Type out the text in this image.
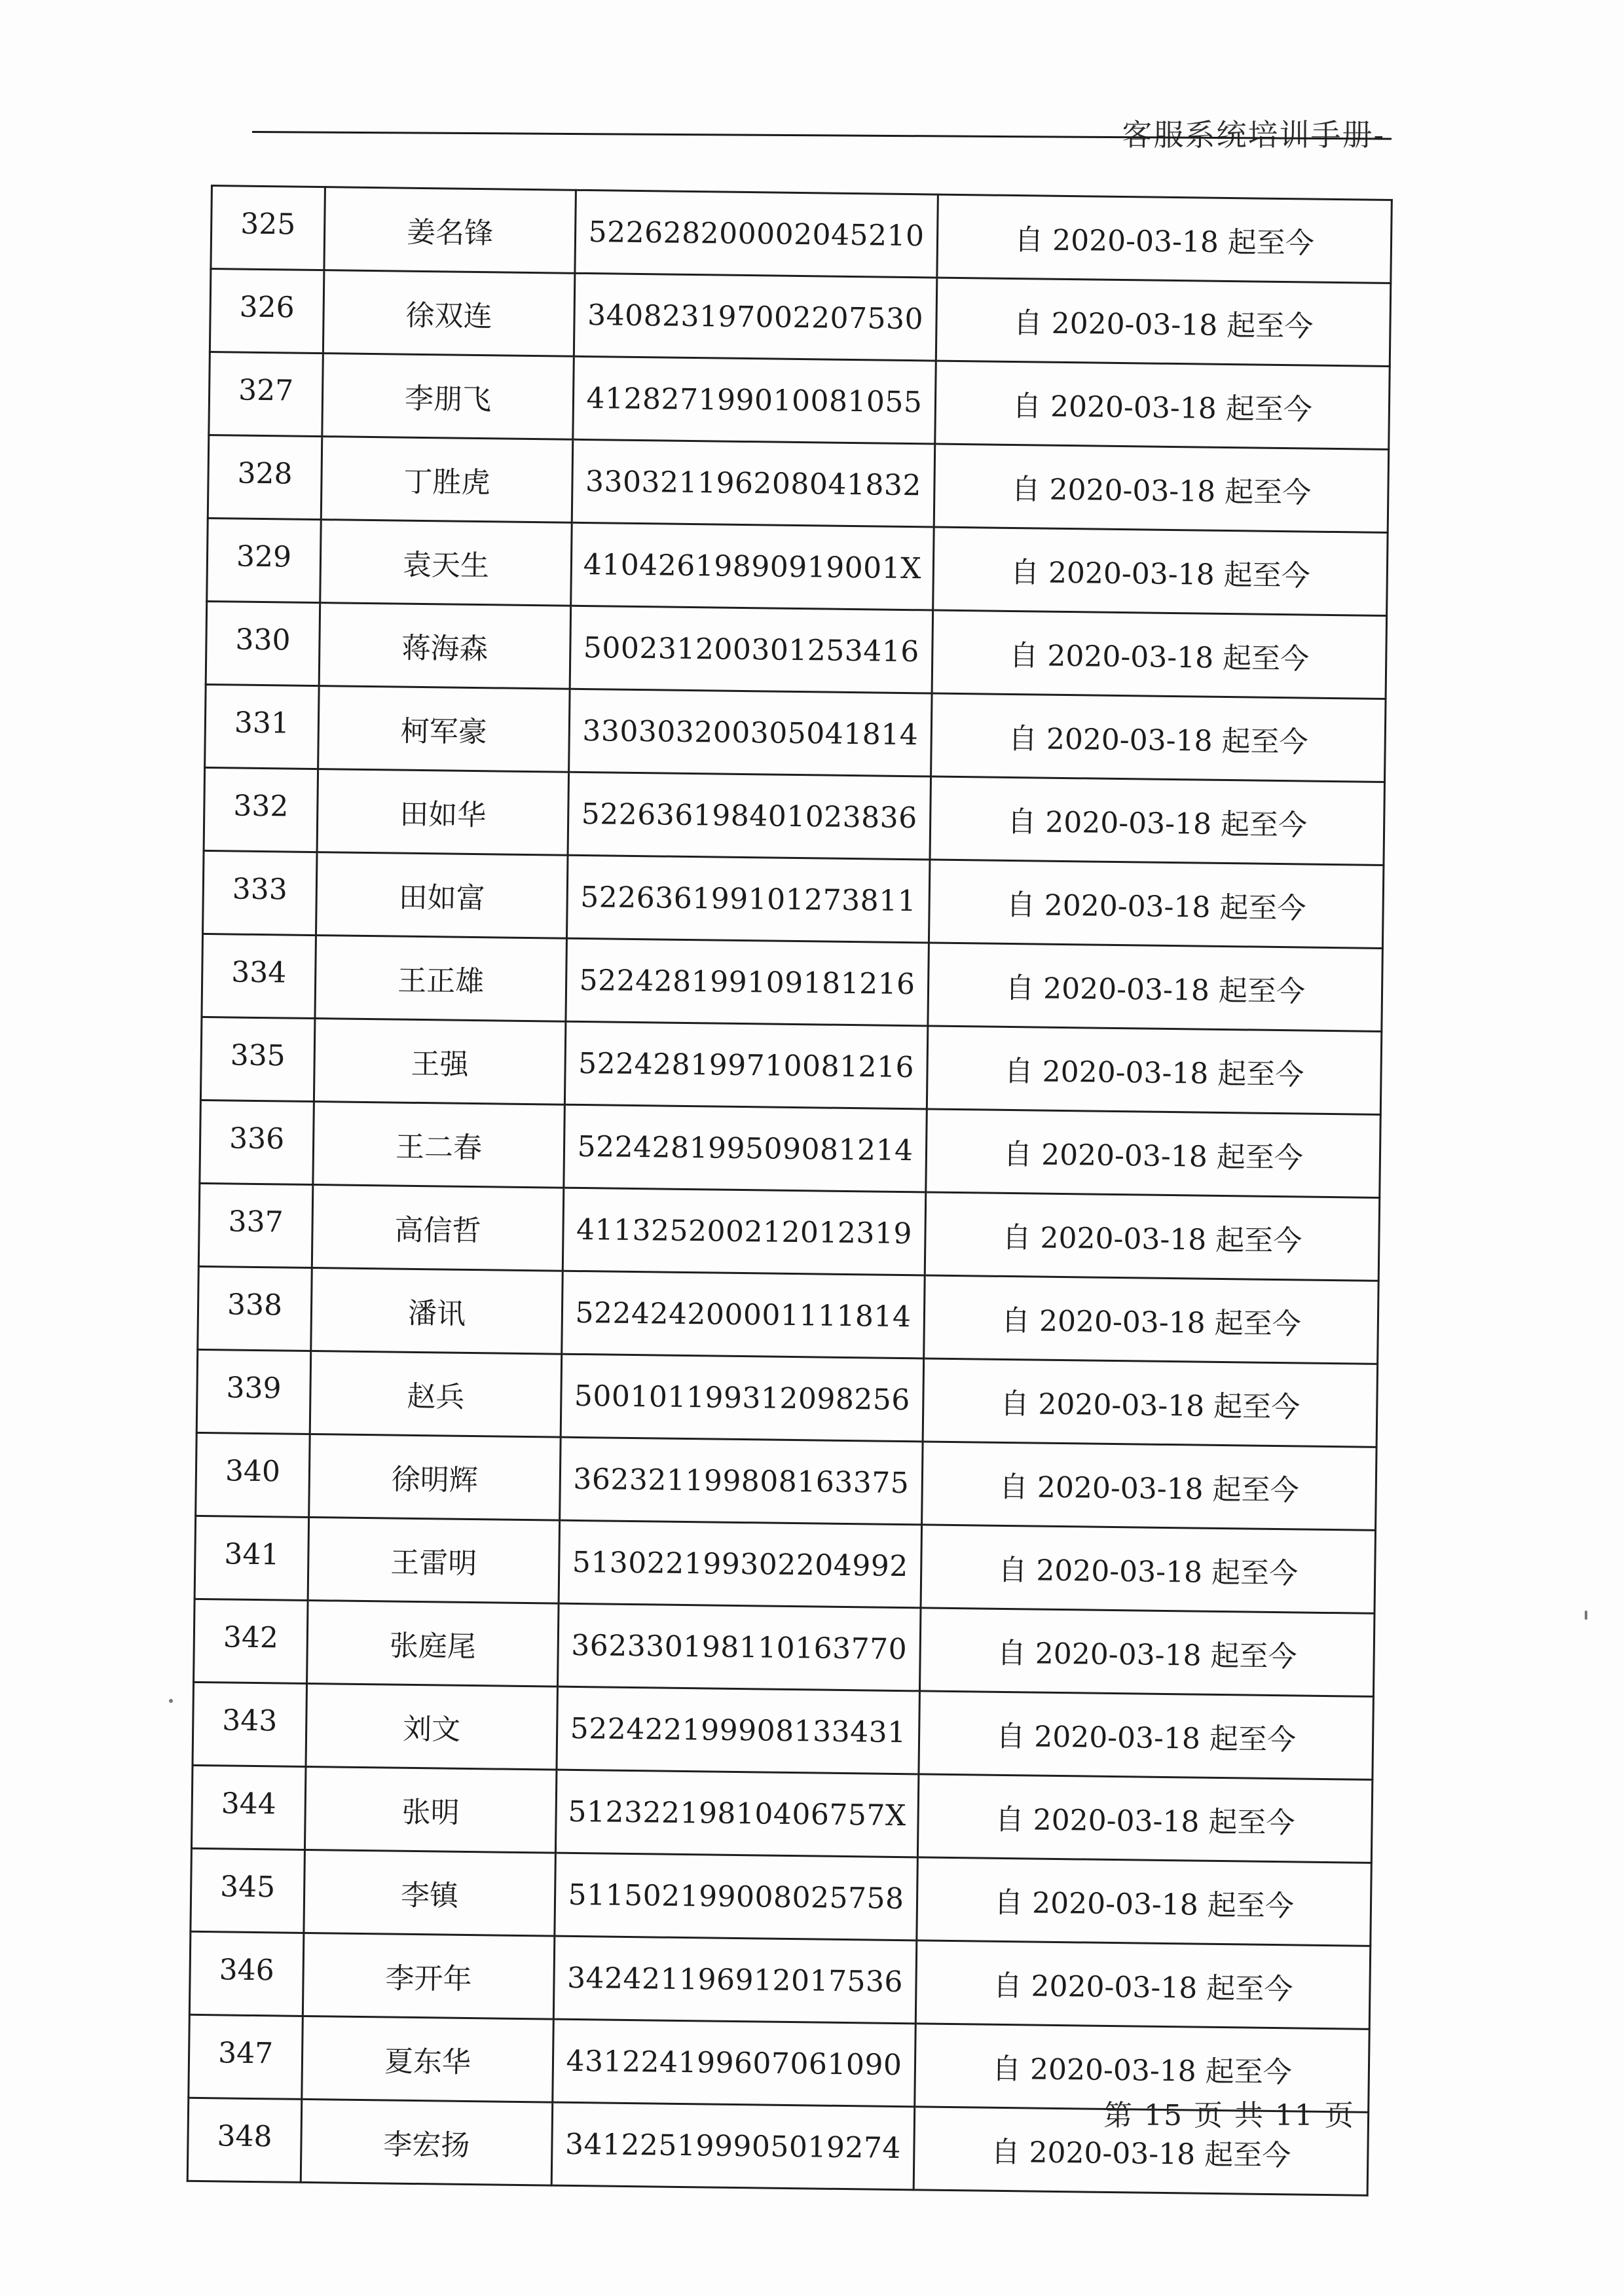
客服系统培训手册-
325	姜名锋	522628200002045210	自 2020-03-18 起至今
326	徐双连	340823197002207530	自 2020-03-18 起至今
327	李朋飞	412827199010081055	自 2020-03-18 起至今
328	丁胜虎	330321196208041832	自 2020-03-18 起至今
329	袁天生	41042619890919001X	自 2020-03-18 起至今
330	蒋海森	500231200301253416	自 2020-03-18 起至今
331	柯军豪	330303200305041814	自 2020-03-18 起至今
332	田如华	522636198401023836	自 2020-03-18 起至今
333	田如富	522636199101273811	自 2020-03-18 起至今
334	王正雄	522428199109181216	自 2020-03-18 起至今
335	王强	522428199710081216	自 2020-03-18 起至今
336	王二春	522428199509081214	自 2020-03-18 起至今
337	高信哲	411325200212012319	自 2020-03-18 起至今
338	潘讯	522424200001111814	自 2020-03-18 起至今
339	赵兵	500101199312098256	自 2020-03-18 起至今
340	徐明辉	362321199808163375	自 2020-03-18 起至今
341	王雷明	513022199302204992	自 2020-03-18 起至今
342	张庭尾	362330198110163770	自 2020-03-18 起至今
343	刘文	522422199908133431	自 2020-03-18 起至今
344	张明	51232219810406757X	自 2020-03-18 起至今
345	李镇	511502199008025758	自 2020-03-18 起至今
346	李开年	342421196912017536	自 2020-03-18 起至今
347	夏东华	431224199607061090	自 2020-03-18 起至今
348	李宏扬	341225199905019274	自 2020-03-18 起至今
第 15 页 共 11 页
